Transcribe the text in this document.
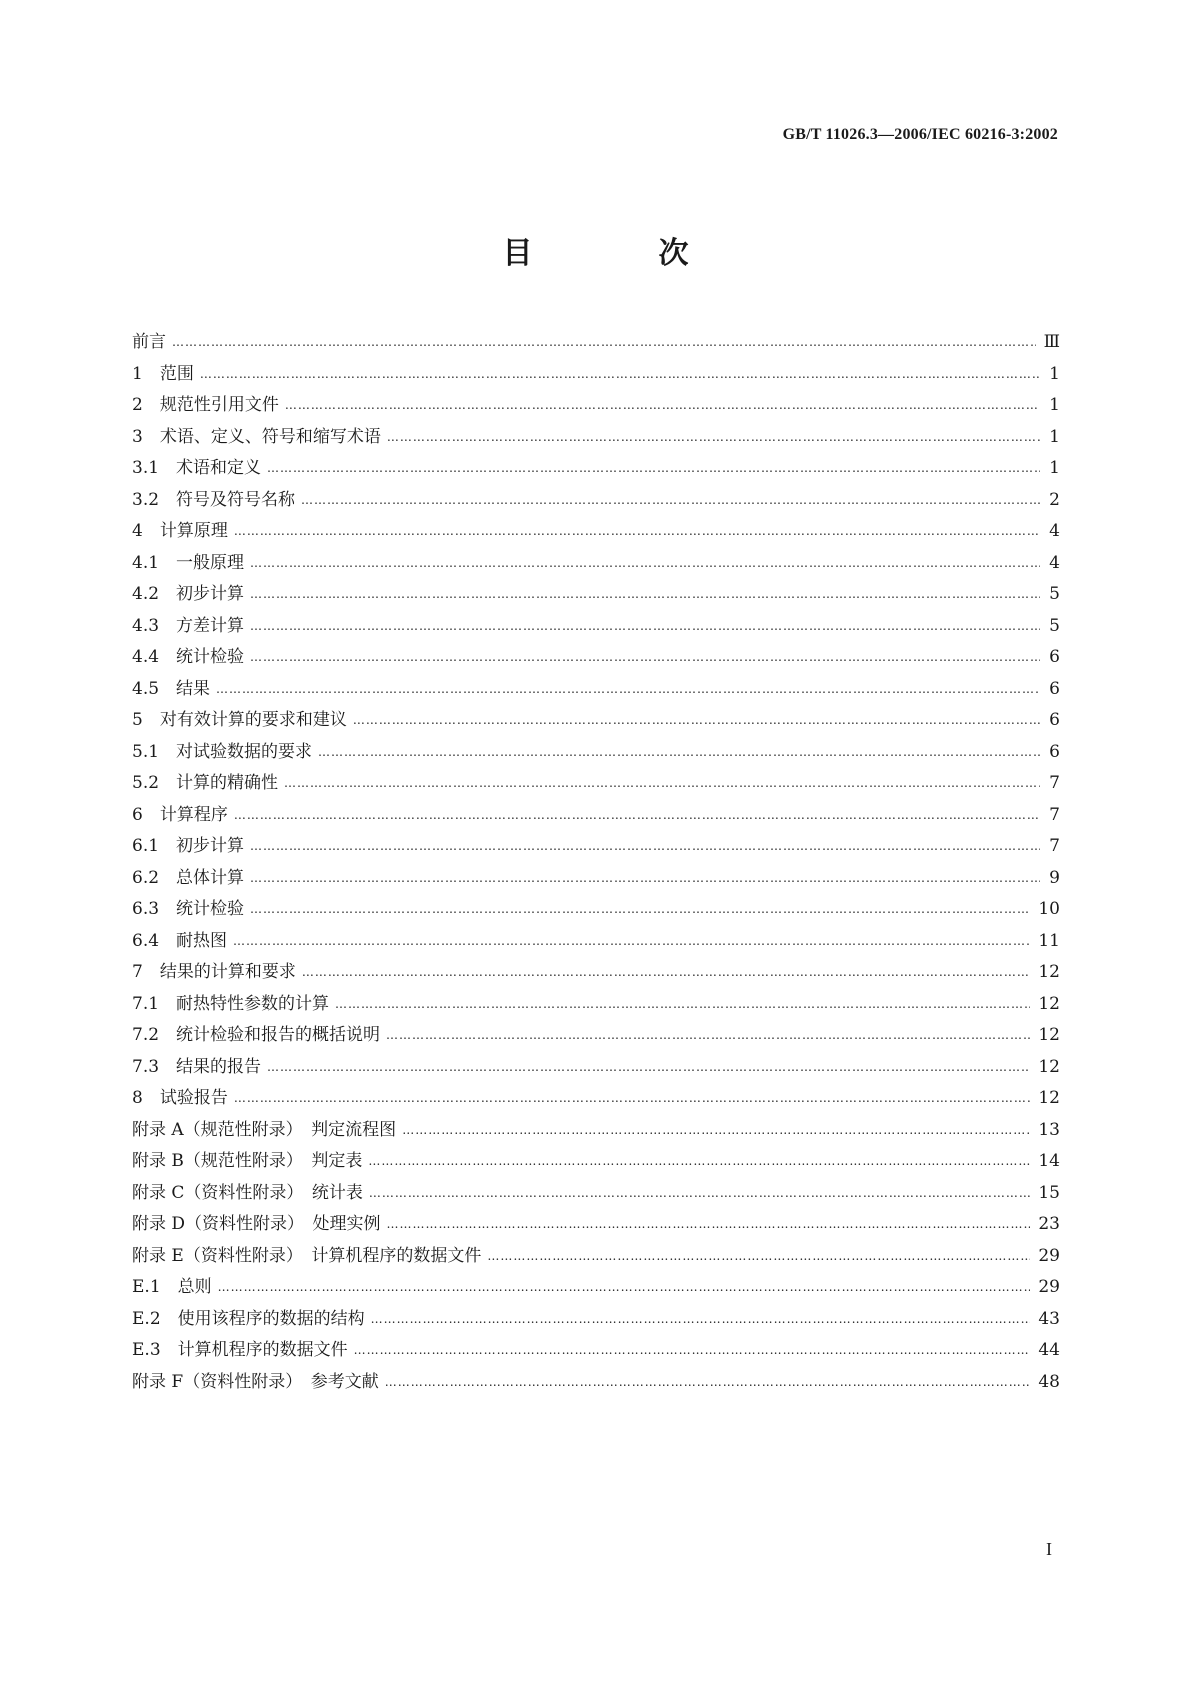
GB/T 11026.3—2006/IEC 60216-3:2002
目　次
前言 ……………………………………………………………………………………………………………………………………………………………………………………………………………………………………………………	Ⅲ
1　范围 ……………………………………………………………………………………………………………………………………………………………………………………………………………………………………………………	1
2　规范性引用文件 ……………………………………………………………………………………………………………………………………………………………………………………………………………………………………………………	1
3　术语、定义、符号和缩写术语 ……………………………………………………………………………………………………………………………………………………………………………………………………………………………………………………	1
3.1　术语和定义 ……………………………………………………………………………………………………………………………………………………………………………………………………………………………………………………	1
3.2　符号及符号名称 ……………………………………………………………………………………………………………………………………………………………………………………………………………………………………………………	2
4　计算原理 ……………………………………………………………………………………………………………………………………………………………………………………………………………………………………………………	4
4.1　一般原理 ……………………………………………………………………………………………………………………………………………………………………………………………………………………………………………………	4
4.2　初步计算 ……………………………………………………………………………………………………………………………………………………………………………………………………………………………………………………	5
4.3　方差计算 ……………………………………………………………………………………………………………………………………………………………………………………………………………………………………………………	5
4.4　统计检验 ……………………………………………………………………………………………………………………………………………………………………………………………………………………………………………………	6
4.5　结果 ……………………………………………………………………………………………………………………………………………………………………………………………………………………………………………………	6
5　对有效计算的要求和建议 ……………………………………………………………………………………………………………………………………………………………………………………………………………………………………………………	6
5.1　对试验数据的要求 ……………………………………………………………………………………………………………………………………………………………………………………………………………………………………………………	6
5.2　计算的精确性 ……………………………………………………………………………………………………………………………………………………………………………………………………………………………………………………	7
6　计算程序 ……………………………………………………………………………………………………………………………………………………………………………………………………………………………………………………	7
6.1　初步计算 ……………………………………………………………………………………………………………………………………………………………………………………………………………………………………………………	7
6.2　总体计算 ……………………………………………………………………………………………………………………………………………………………………………………………………………………………………………………	9
6.3　统计检验 ……………………………………………………………………………………………………………………………………………………………………………………………………………………………………………………	10
6.4　耐热图 ……………………………………………………………………………………………………………………………………………………………………………………………………………………………………………………	11
7　结果的计算和要求 ……………………………………………………………………………………………………………………………………………………………………………………………………………………………………………………	12
7.1　耐热特性参数的计算 ……………………………………………………………………………………………………………………………………………………………………………………………………………………………………………………	12
7.2　统计检验和报告的概括说明 ……………………………………………………………………………………………………………………………………………………………………………………………………………………………………………………	12
7.3　结果的报告 ……………………………………………………………………………………………………………………………………………………………………………………………………………………………………………………	12
8　试验报告 ……………………………………………………………………………………………………………………………………………………………………………………………………………………………………………………	12
附录 A（规范性附录）　判定流程图 ……………………………………………………………………………………………………………………………………………………………………………………………………………………………………………………	13
附录 B（规范性附录）　判定表 ……………………………………………………………………………………………………………………………………………………………………………………………………………………………………………………	14
附录 C（资料性附录）　统计表 ……………………………………………………………………………………………………………………………………………………………………………………………………………………………………………………	15
附录 D（资料性附录）　处理实例 ……………………………………………………………………………………………………………………………………………………………………………………………………………………………………………………	23
附录 E（资料性附录）　计算机程序的数据文件 ……………………………………………………………………………………………………………………………………………………………………………………………………………………………………………………	29
E.1　总则 ……………………………………………………………………………………………………………………………………………………………………………………………………………………………………………………	29
E.2　使用该程序的数据的结构 ……………………………………………………………………………………………………………………………………………………………………………………………………………………………………………………	43
E.3　计算机程序的数据文件 ……………………………………………………………………………………………………………………………………………………………………………………………………………………………………………………	44
附录 F（资料性附录）　参考文献 ……………………………………………………………………………………………………………………………………………………………………………………………………………………………………………………	48
I
